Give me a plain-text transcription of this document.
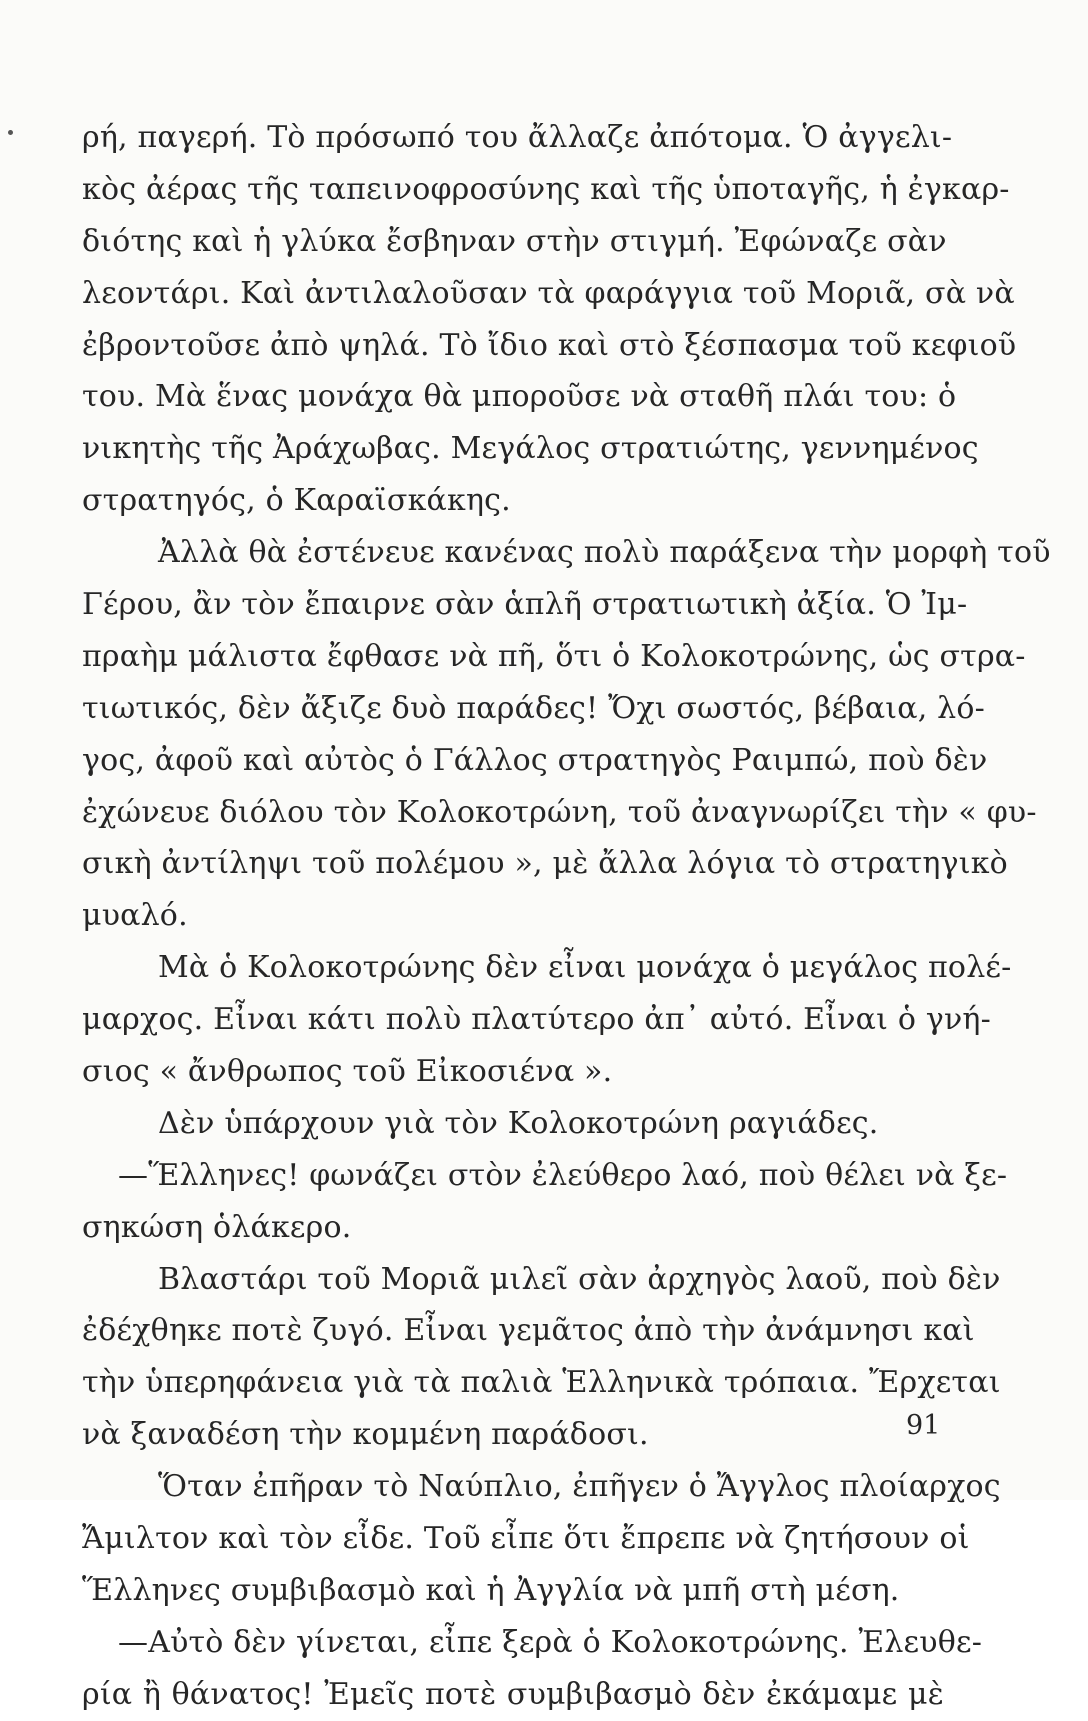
ρή, παγερή. Τὸ πρόσωπό του ἄλλαζε ἀπότομα. Ὁ ἀγγελι-
κὸς ἀέρας τῆς ταπεινοφροσύνης καὶ τῆς ὑποταγῆς, ἡ ἐγκαρ-
διότης καὶ ἡ γλύκα ἔσβηναν στὴν στιγμή. Ἐφώναζε σὰν
λεοντάρι. Καὶ ἀντιλαλοῦσαν τὰ φαράγγια τοῦ Μοριᾶ, σὰ νὰ
ἐβροντοῦσε ἀπὸ ψηλά. Τὸ ἴδιο καὶ στὸ ξέσπασμα τοῦ κεφιοῦ
του. Μὰ ἕνας μονάχα θὰ μποροῦσε νὰ σταθῆ πλάι του: ὁ
νικητὴς τῆς Ἀράχωβας. Μεγάλος στρατιώτης, γεννημένος
στρατηγός, ὁ Καραϊσκάκης.
Ἀλλὰ θὰ ἐστένευε κανένας πολὺ παράξενα τὴν μορφὴ τοῦ
Γέρου, ἂν τὸν ἔπαιρνε σὰν ἁπλῆ στρατιωτικὴ ἀξία. Ὁ Ἰμ-
πραὴμ μάλιστα ἔφθασε νὰ πῆ, ὅτι ὁ Κολοκοτρώνης, ὡς στρα-
τιωτικός, δὲν ἄξιζε δυὸ παράδες! Ὄχι σωστός, βέβαια, λό-
γος, ἀφοῦ καὶ αὐτὸς ὁ Γάλλος στρατηγὸς Ραιμπώ, ποὺ δὲν
ἐχώνευε διόλου τὸν Κολοκοτρώνη, τοῦ ἀναγνωρίζει τὴν « φυ-
σικὴ ἀντίληψι τοῦ πολέμου », μὲ ἄλλα λόγια τὸ στρατηγικὸ
μυαλό.
Μὰ ὁ Κολοκοτρώνης δὲν εἶναι μονάχα ὁ μεγάλος πολέ-
μαρχος. Εἶναι κάτι πολὺ πλατύτερο ἀπ᾿ αὐτό. Εἶναι ὁ γνή-
σιος « ἄνθρωπος τοῦ Εἰκοσιένα ».
Δὲν ὑπάρχουν γιὰ τὸν Κολοκοτρώνη ραγιάδες.
—Ἕλληνες! φωνάζει στὸν ἐλεύθερο λαό, ποὺ θέλει νὰ ξε-
σηκώση ὁλάκερο.
Βλαστάρι τοῦ Μοριᾶ μιλεῖ σὰν ἀρχηγὸς λαοῦ, ποὺ δὲν
ἐδέχθηκε ποτὲ ζυγό. Εἶναι γεμᾶτος ἀπὸ τὴν ἀνάμνησι καὶ
τὴν ὑπερηφάνεια γιὰ τὰ παλιὰ Ἑλληνικὰ τρόπαια. Ἔρχεται
νὰ ξαναδέση τὴν κομμένη παράδοσι.
Ὅταν ἐπῆραν τὸ Ναύπλιο, ἐπῆγεν ὁ Ἄγγλος πλοίαρχος
Ἄμιλτον καὶ τὸν εἶδε. Τοῦ εἶπε ὅτι ἔπρεπε νὰ ζητήσουν οἱ
Ἕλληνες συμβιβασμὸ καὶ ἡ Ἀγγλία νὰ μπῆ στὴ μέση.
—Αὐτὸ δὲν γίνεται, εἶπε ξερὰ ὁ Κολοκοτρώνης. Ἐλευθε-
ρία ἢ θάνατος! Ἐμεῖς ποτὲ συμβιβασμὸ δὲν ἐκάμαμε μὲ
91
